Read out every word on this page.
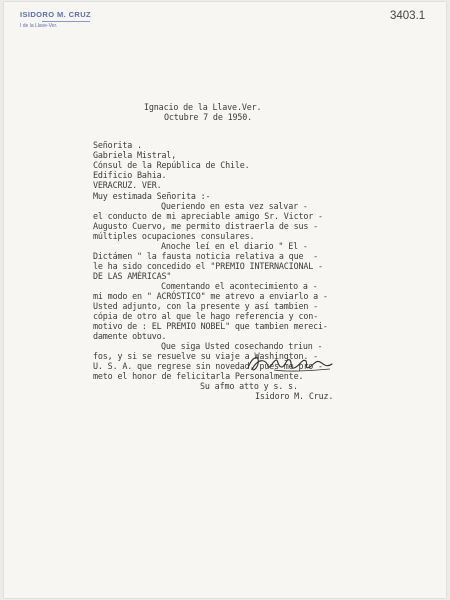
ISIDORO M. CRUZ
I de la Llave-Ver.
3403.1
Ignacio de la Llave.Ver.
Octubre 7 de 1950.
Señorita .
Gabriela Mistral,
Cónsul de la República de Chile.
Edificio Bahia.
VERACRUZ. VER.
Muy estimada Señorita :-
Queriendo en esta vez salvar -
el conducto de mi apreciable amigo Sr. Victor -
Augusto Cuervo, me permito distraerla de sus -
múltiples ocupaciones consulares.
Anoche leí en el diario " El -
Dictámen " la fausta noticia relativa a que  -
le ha sido concedido el "PREMIO INTERNACIONAL -
DE LAS AMÉRICAS"
Comentando el acontecimiento a -
mi modo en " ACRÓSTICO" me atrevo a enviarlo a -
Usted adjunto, con la presente y así tambien -
cópia de otro al que le hago referencia y con-
motivo de : EL PREMIO NOBEL" que tambien mereci-
damente obtuvo.
Que siga Usted cosechando triun -
fos, y si se resuelve su viaje a Washington. -
U. S. A. que regrese sin novedad, pues me pro -
meto el honor de felicitarla Personalmente.
Su afmo atto y s. s.
Isidoro M. Cruz.
